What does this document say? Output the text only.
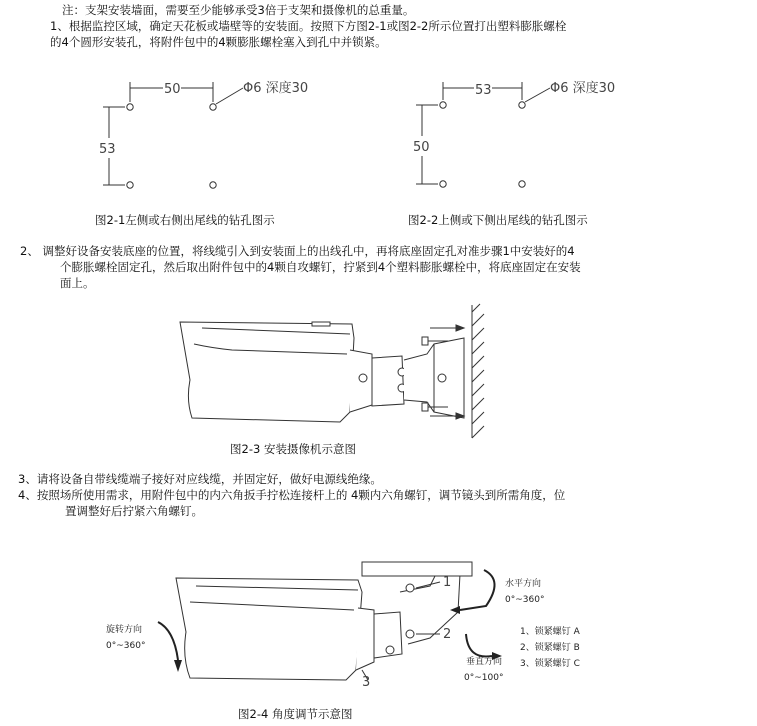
注：支架安装墙面，需要至少能够承受3倍于支架和摄像机的总重量。
1、根据监控区域，确定天花板或墙壁等的安装面。按照下方图2-1或图2-2所示位置打出塑料膨胀螺栓
的4个圆形安装孔，将附件包中的4颗膨胀螺栓塞入到孔中并锁紧。
50
53
Φ6 深度30
图2-1左侧或右侧出尾线的钻孔图示
53
50
Φ6 深度30
图2-2上侧或下侧出尾线的钻孔图示
2、 调整好设备安装底座的位置，将线缆引入到安装面上的出线孔中，再将底座固定孔对准步骤1中安装好的4
个膨胀螺栓固定孔，然后取出附件包中的4颗自攻螺钉，拧紧到4个塑料膨胀螺栓中，将底座固定在安装
面上。
图2-3 安装摄像机示意图
3、请将设备自带线缆端子接好对应线缆，并固定好，做好电源线绝缘。
4、按照场所使用需求，用附件包中的内六角扳手拧松连接杆上的 4颗内六角螺钉，调节镜头到所需角度，位
置调整好后拧紧六角螺钉。
1
2
3
旋转方向
0°~360°
水平方向
0°~360°
垂直方向
0°~100°
1、锁紧螺钉 A
2、锁紧螺钉 B
3、锁紧螺钉 C
图2-4 角度调节示意图
